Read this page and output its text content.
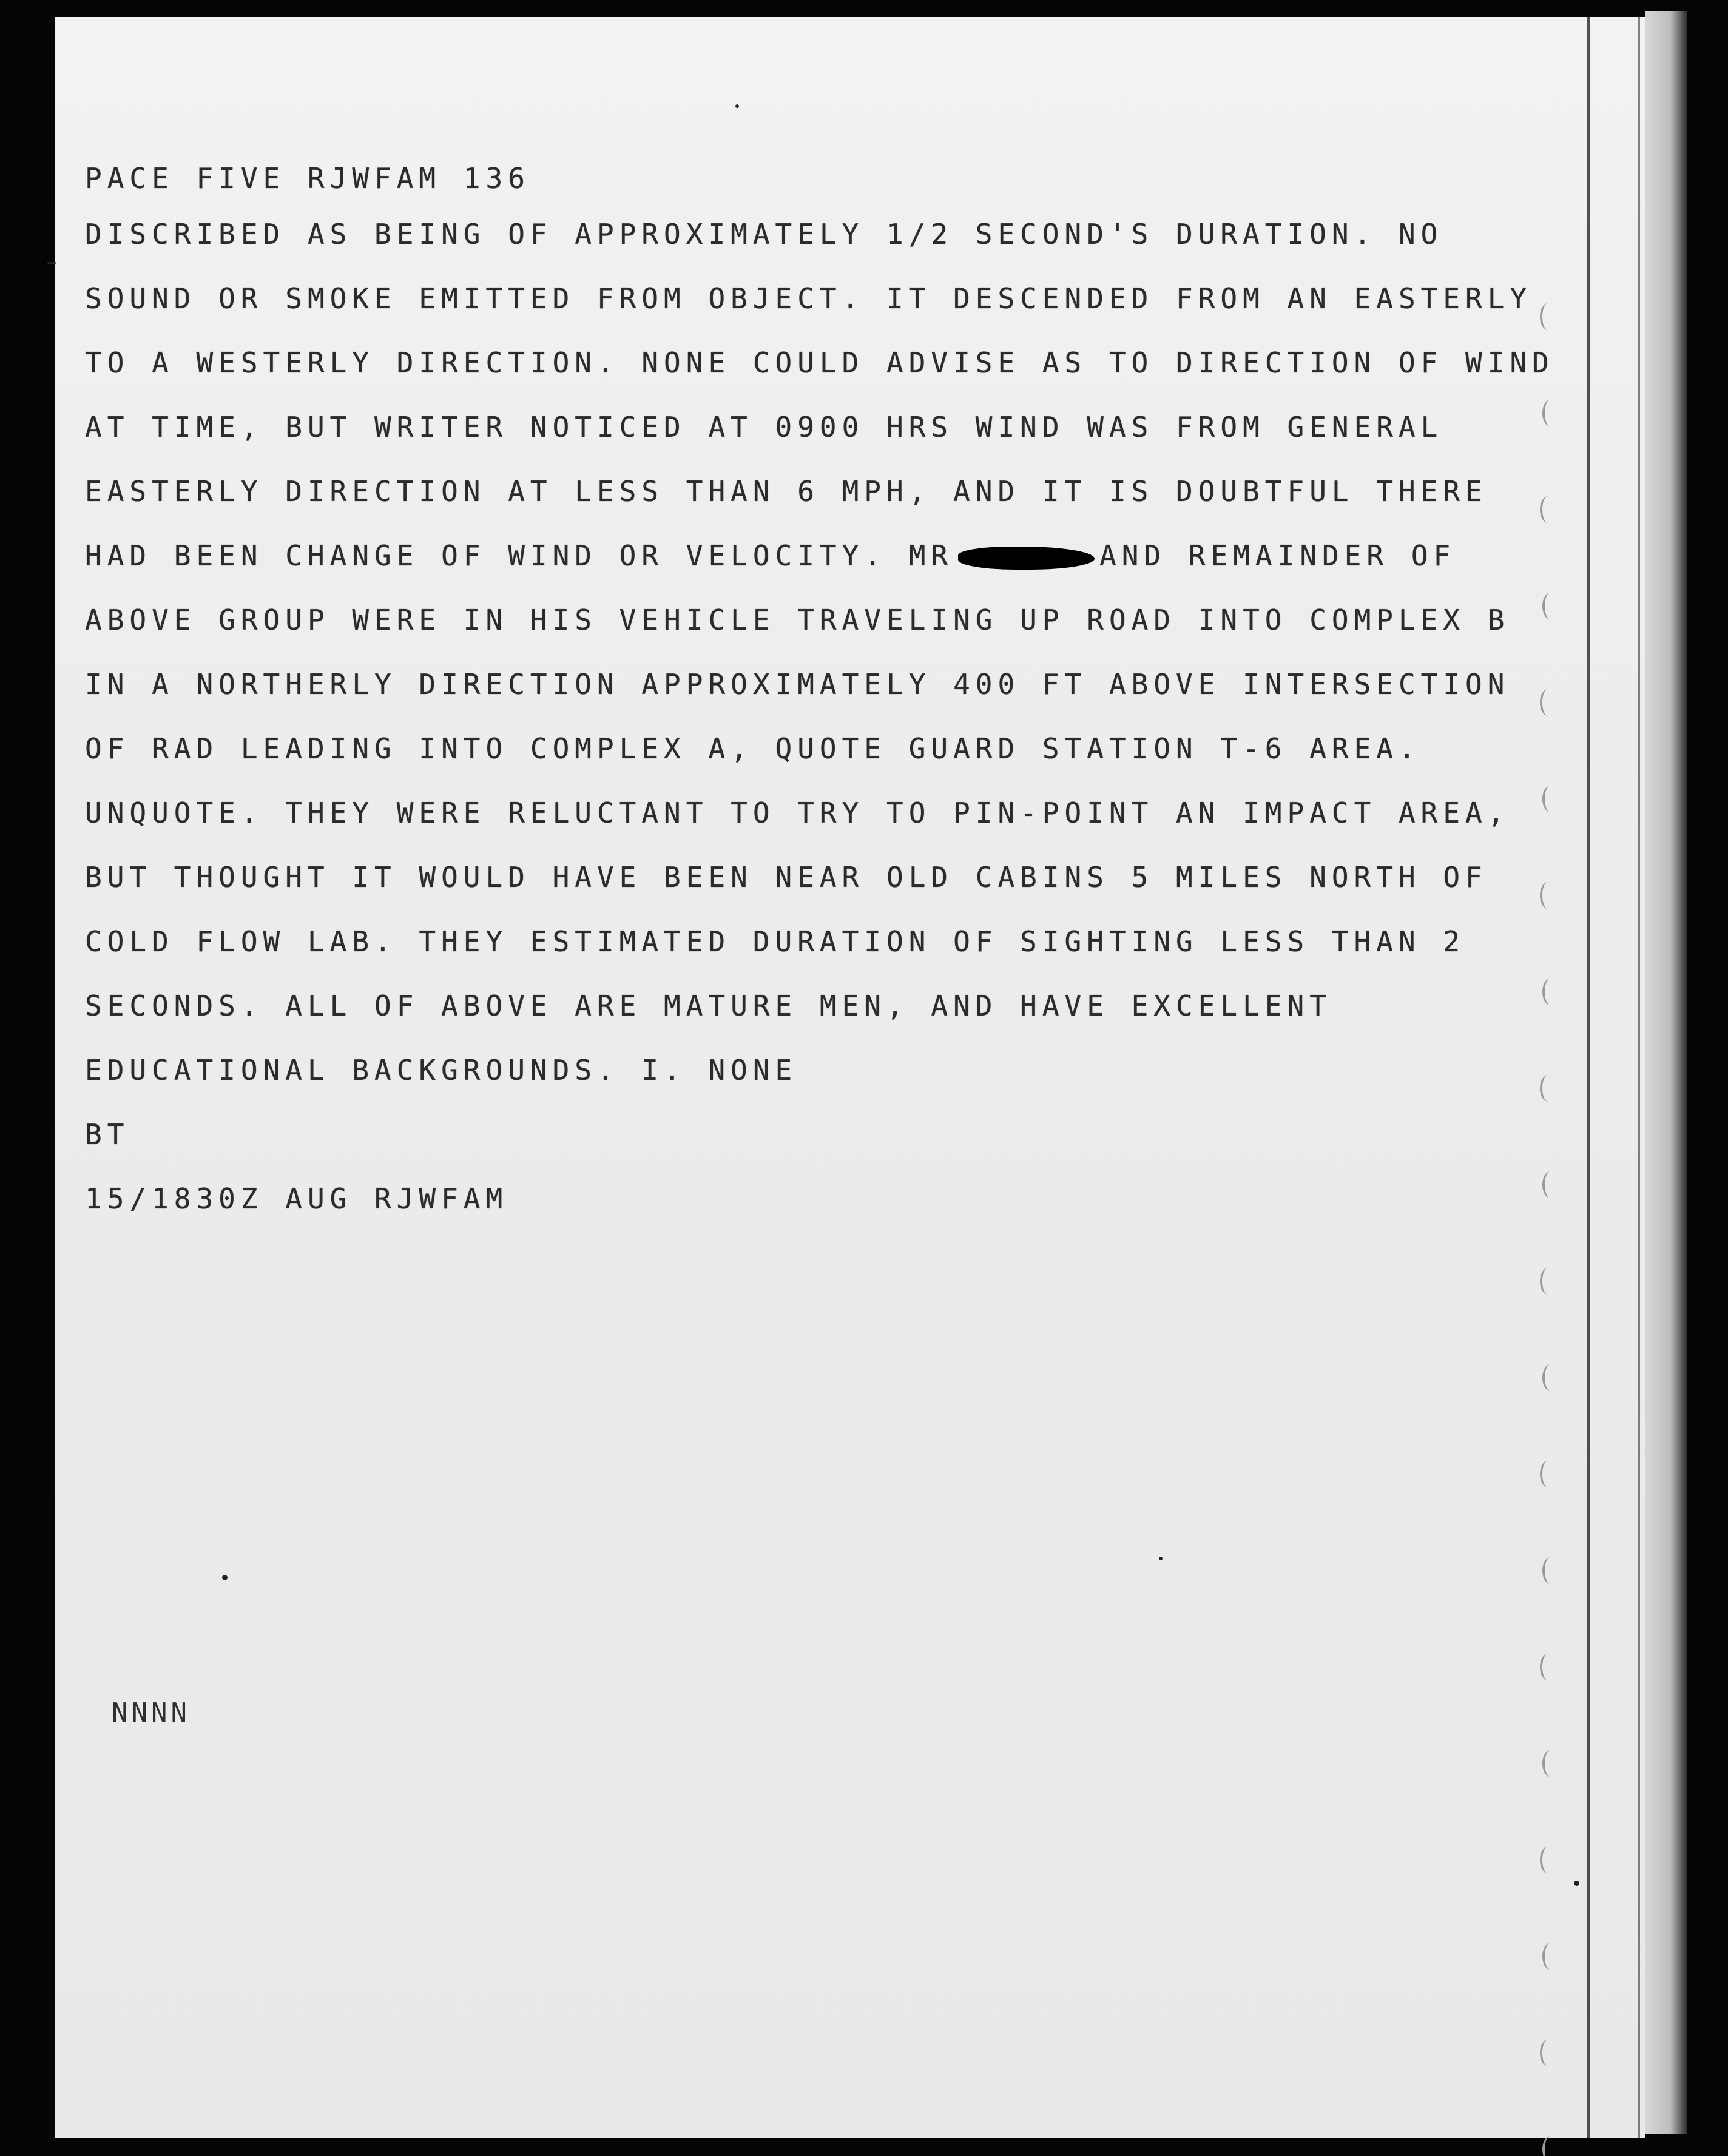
PACE FIVE RJWFAM 136
DISCRIBED AS BEING OF APPROXIMATELY 1/2 SECOND'S DURATION. NO
SOUND OR SMOKE EMITTED FROM OBJECT. IT DESCENDED FROM AN EASTERLY
TO A WESTERLY DIRECTION. NONE COULD ADVISE AS TO DIRECTION OF WIND
AT TIME, BUT WRITER NOTICED AT 0900 HRS WIND WAS FROM GENERAL
EASTERLY DIRECTION AT LESS THAN 6 MPH, AND IT IS DOUBTFUL THERE
HAD BEEN CHANGE OF WIND OR VELOCITY. MR	AND REMAINDER OF
ABOVE GROUP WERE IN HIS VEHICLE TRAVELING UP ROAD INTO COMPLEX B
IN A NORTHERLY DIRECTION APPROXIMATELY 400 FT ABOVE INTERSECTION
OF RAD LEADING INTO COMPLEX A, QUOTE GUARD STATION T-6 AREA.
UNQUOTE. THEY WERE RELUCTANT TO TRY TO PIN-POINT AN IMPACT AREA,
BUT THOUGHT IT WOULD HAVE BEEN NEAR OLD CABINS 5 MILES NORTH OF
COLD FLOW LAB. THEY ESTIMATED DURATION OF SIGHTING LESS THAN 2
SECONDS. ALL OF ABOVE ARE MATURE MEN, AND HAVE EXCELLENT
EDUCATIONAL BACKGROUNDS. I. NONE
BT
15/1830Z AUG RJWFAM
NNNN
